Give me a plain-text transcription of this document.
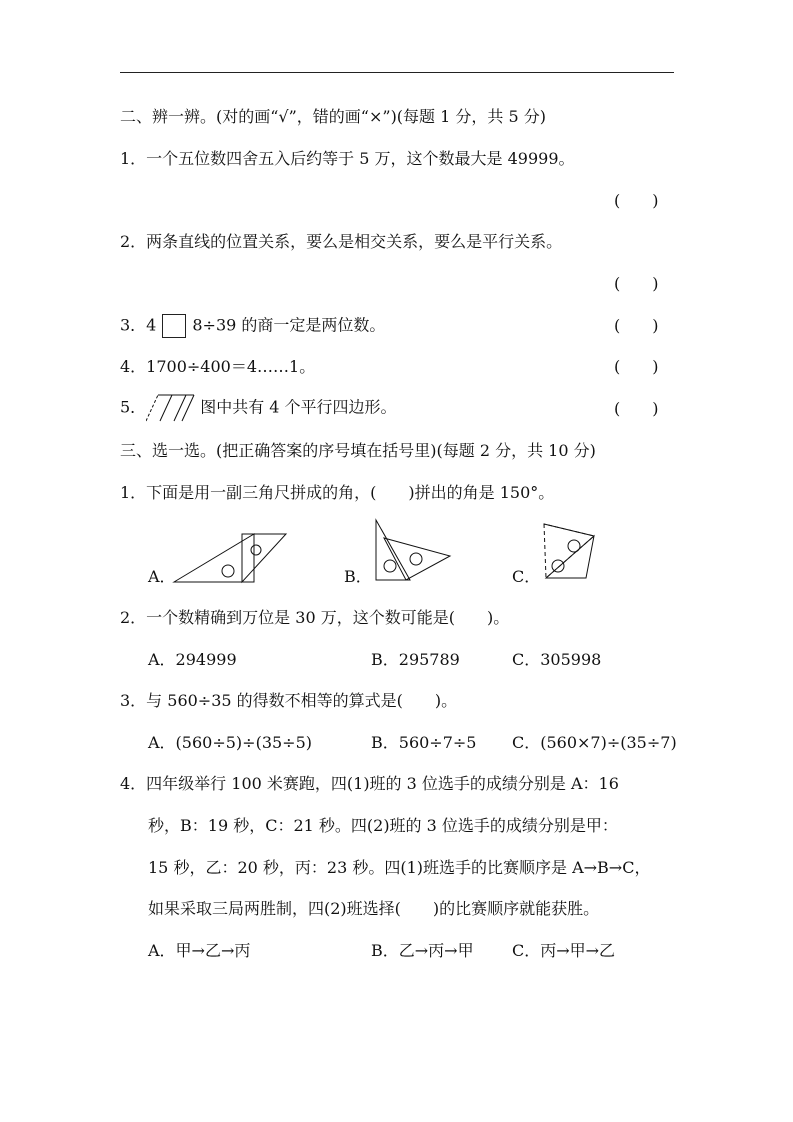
二、辨一辨。(对的画“√”，错的画“×”)(每题 1 分，共 5 分)
1．一个五位数四舍五入后约等于 5 万，这个数最大是 49999。
(　　)
2．两条直线的位置关系，要么是相交关系，要么是平行关系。
(　　)
3．4 8÷39 的商一定是两位数。	(　　)
4．1700÷400＝4……1。	(　　)
5．	图中共有 4 个平行四边形。	(　　)
三、选一选。(把正确答案的序号填在括号里)(每题 2 分，共 10 分)
1．下面是用一副三角尺拼成的角，(　　)拼出的角是 150°。
A．	B．	C．
2．一个数精确到万位是 30 万，这个数可能是(　　)。
A．294999	B．295789	C．305998
3．与 560÷35 的得数不相等的算式是(　　)。
A．(560÷5)÷(35÷5)	B．560÷7÷5 C．(560×7)÷(35÷7)
4．四年级举行 100 米赛跑，四(1)班的 3 位选手的成绩分别是 A：16
秒，B：19 秒，C：21 秒。四(2)班的 3 位选手的成绩分别是甲：
15 秒，乙：20 秒，丙：23 秒。四(1)班选手的比赛顺序是 A→B→C，
如果采取三局两胜制，四(2)班选择(　　)的比赛顺序就能获胜。
A．甲→乙→丙	B．乙→丙→甲 C．丙→甲→乙
